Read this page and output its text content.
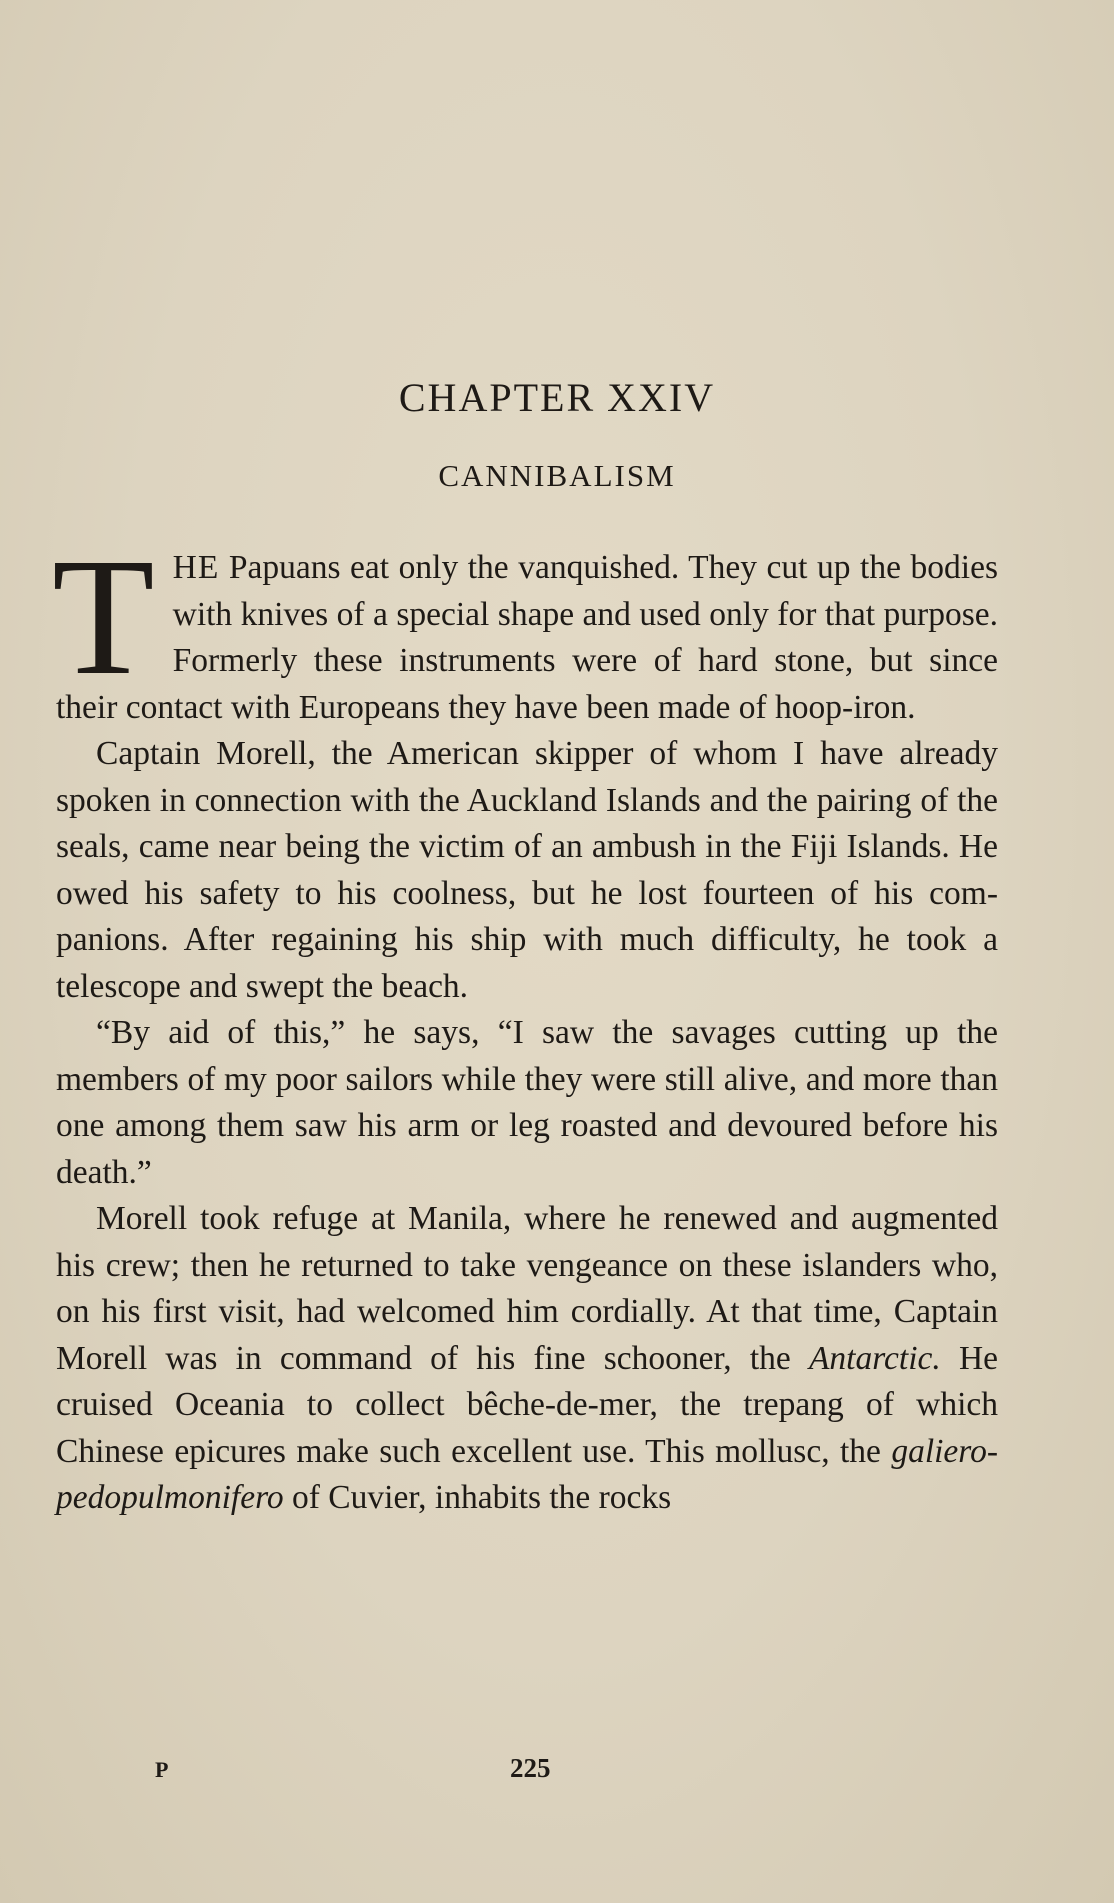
CHAPTER XXIV
CANNIBALISM

THE Papuans eat only the vanquished. They cut up the bodies with knives of a special shape and used only for that purpose. Formerly these instruments were of hard stone, but since their contact with Europeans they have been made of hoop-iron.

Captain Morell, the American skipper of whom I have already spoken in connection with the Auckland Islands and the pairing of the seals, came near being the victim of an ambush in the Fiji Islands. He owed his safety to his coolness, but he lost fourteen of his com-panions. After regaining his ship with much difficulty, he took a telescope and swept the beach.

“By aid of this,” he says, “I saw the savages cutting up the members of my poor sailors while they were still alive, and more than one among them saw his arm or leg roasted and devoured before his death.”

Morell took refuge at Manila, where he renewed and augmented his crew; then he returned to take vengeance on these islanders who, on his first visit, had welcomed him cordially. At that time, Captain Morell was in command of his fine schooner, the Antarctic. He cruised Oceania to collect bêche-de-mer, the trepang of which Chinese epicures make such excellent use. This mollusc, the galiero-pedopulmonifero of Cuvier, inhabits the rocks

P	225
